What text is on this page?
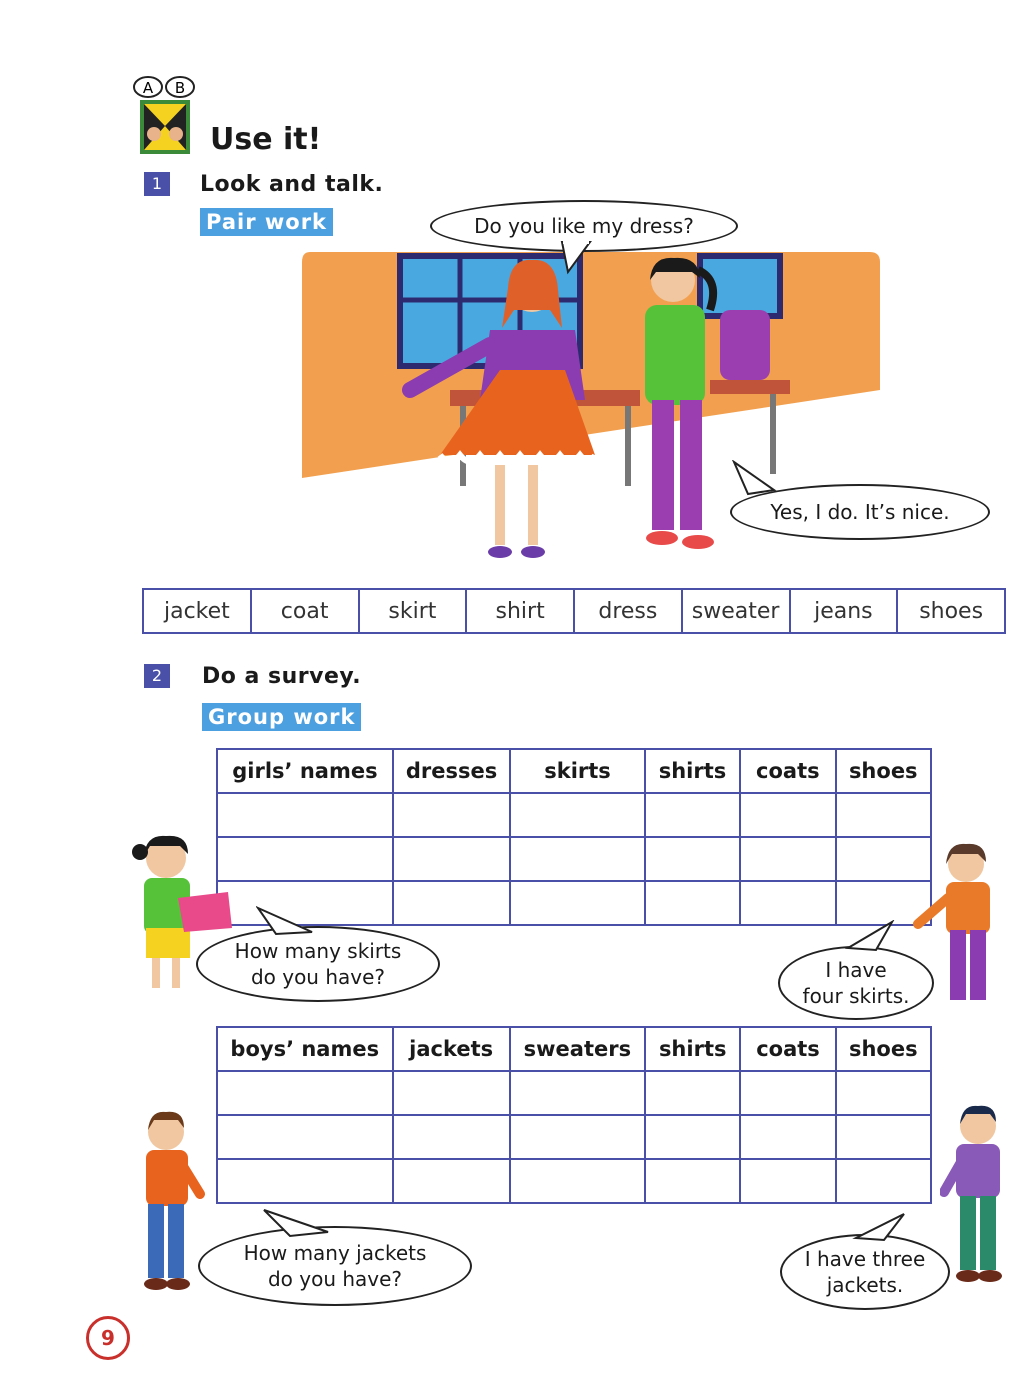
A B
Use it!
1	Look and talk.
Pair work	Do you like my dress?
Yes, I do. It’s nice.
jacket	coat	skirt	shirt	dress	sweater	jeans	shoes
2	Do a survey.
Group work
girls’ names	dresses	skirts	shirts	coats	shoes

How many skirts
do you have?	I have
four skirts.
boys’ names	jackets	sweaters	shirts	coats	shoes

How many jackets
do you have?
I have three
jackets.
9
